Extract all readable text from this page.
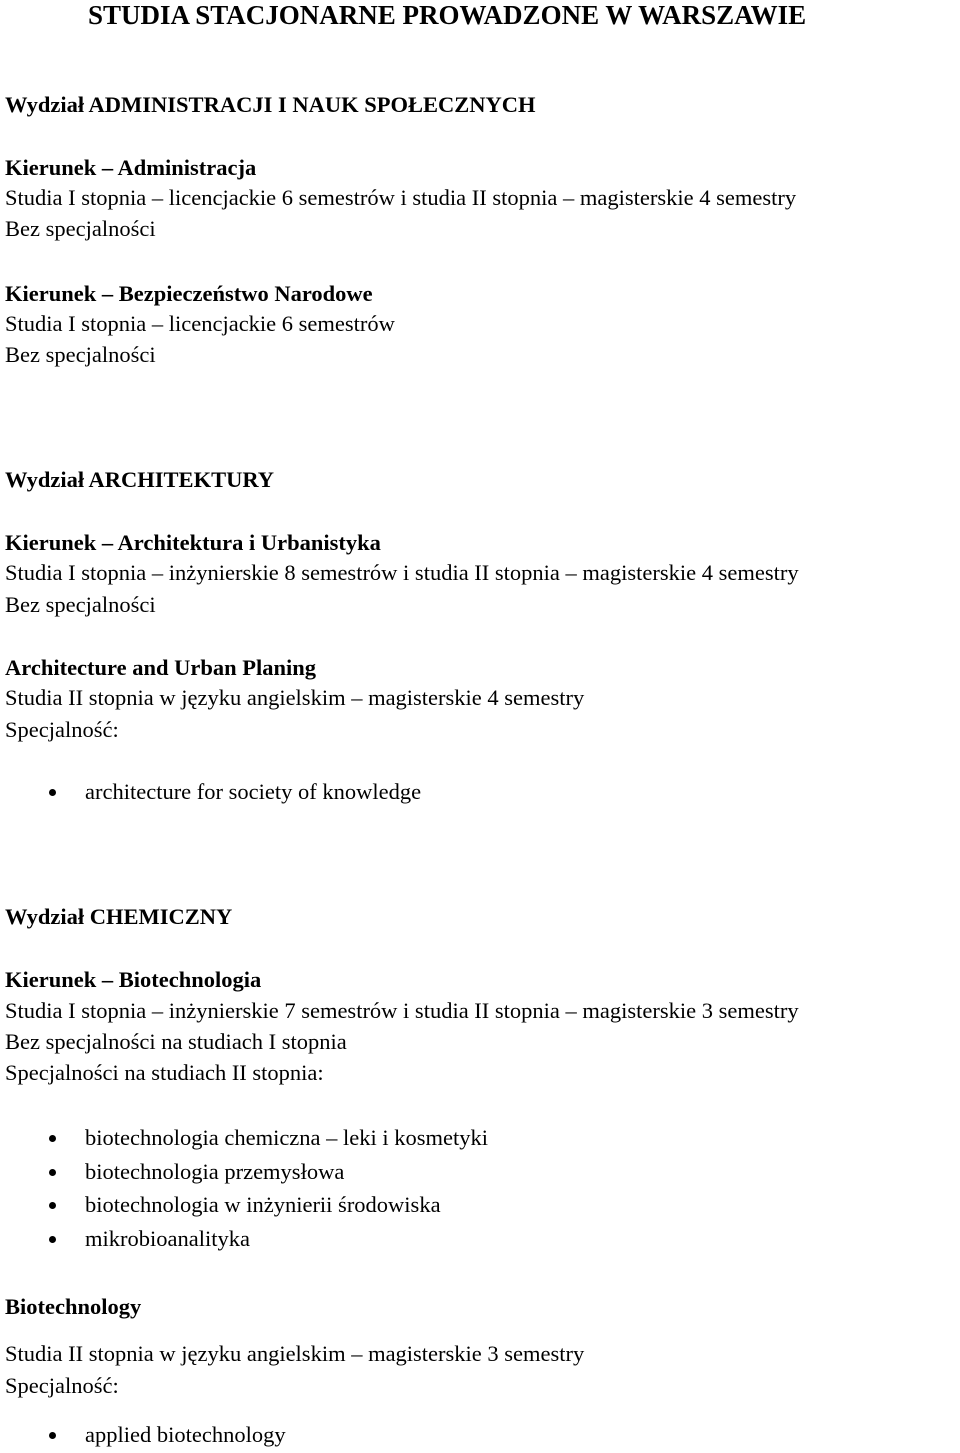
STUDIA STACJONARNE PROWADZONE W WARSZAWIE
Wydział ADMINISTRACJI I NAUK SPOŁECZNYCH
Kierunek – Administracja
Studia I stopnia – licencjackie 6 semestrów i studia II stopnia – magisterskie 4 semestry
Bez specjalności
Kierunek – Bezpieczeństwo Narodowe
Studia I stopnia – licencjackie 6 semestrów
Bez specjalności
Wydział ARCHITEKTURY
Kierunek – Architektura i Urbanistyka
Studia I stopnia – inżynierskie 8 semestrów i studia II stopnia – magisterskie 4 semestry
Bez specjalności
Architecture and Urban Planing
Studia II stopnia w języku angielskim – magisterskie 4 semestry
Specjalność:
architecture for society of knowledge
Wydział CHEMICZNY
Kierunek – Biotechnologia
Studia I stopnia – inżynierskie 7 semestrów i studia II stopnia – magisterskie 3 semestry
Bez specjalności na studiach I stopnia
Specjalności na studiach II stopnia:
biotechnologia chemiczna – leki i kosmetyki
biotechnologia przemysłowa
biotechnologia w inżynierii środowiska
mikrobioanalityka
Biotechnology
Studia II stopnia w języku angielskim – magisterskie 3 semestry
Specjalność:
applied biotechnology
